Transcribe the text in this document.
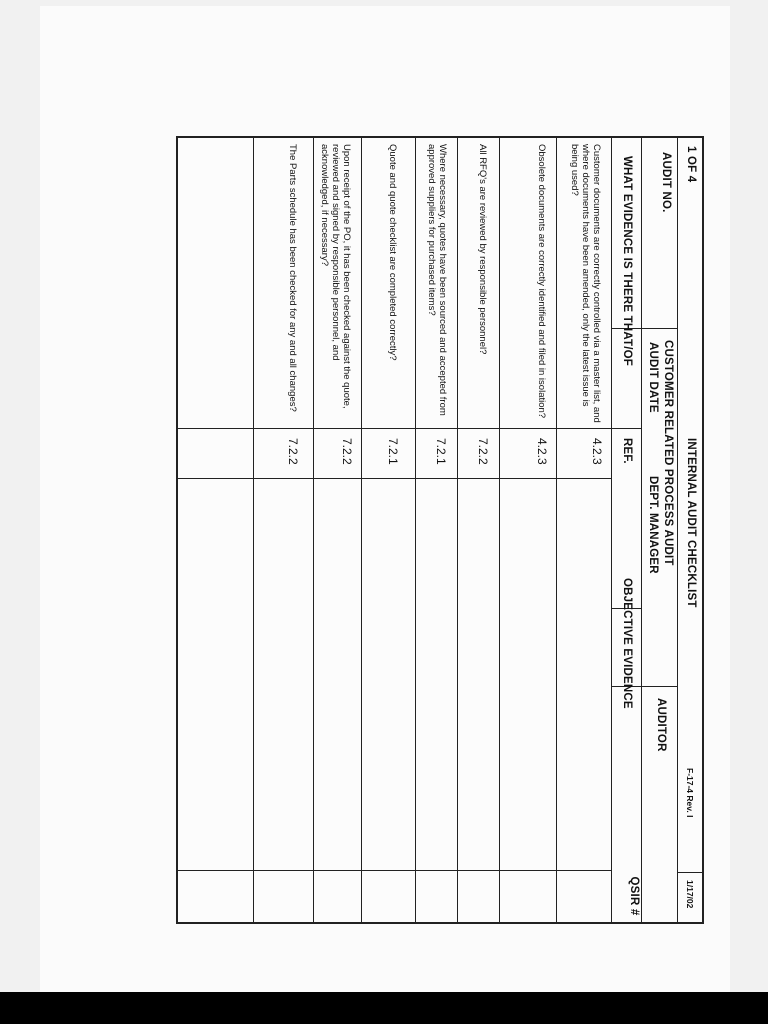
1 OF 4
INTERNAL AUDIT CHECKLIST
F-17-4 Rev. I
1/17/02
AUDIT NO.
CUSTOMER RELATED PROCESS AUDIT
AUDIT DATE
DEPT. MANAGER
AUDITOR
WHAT EVIDENCE IS THERE THAT/OF
REF.
OBJECTIVE EVIDENCE
QSIR #
Customer documents are correctly controlled via a master list, and where documents have been amended, only the latest issue is being used?
4.2.3
Obsolete documents are correctly identified and filed in isolation?
4.2.3
All RFQ's are reviewed by responsible personnel?
7.2.2
Where necessary, quotes have been sourced and accepted from approved suppliers for purchased items?
7.2.1
Quote and quote checklist are completed correctly?
7.2.1
Upon receipt of the PO, it has been checked against the quote, reviewed and signed by responsible personnel, and acknowledged, if necessary?
7.2.2
The Parts schedule has been checked for any and all changes?
7.2.2
